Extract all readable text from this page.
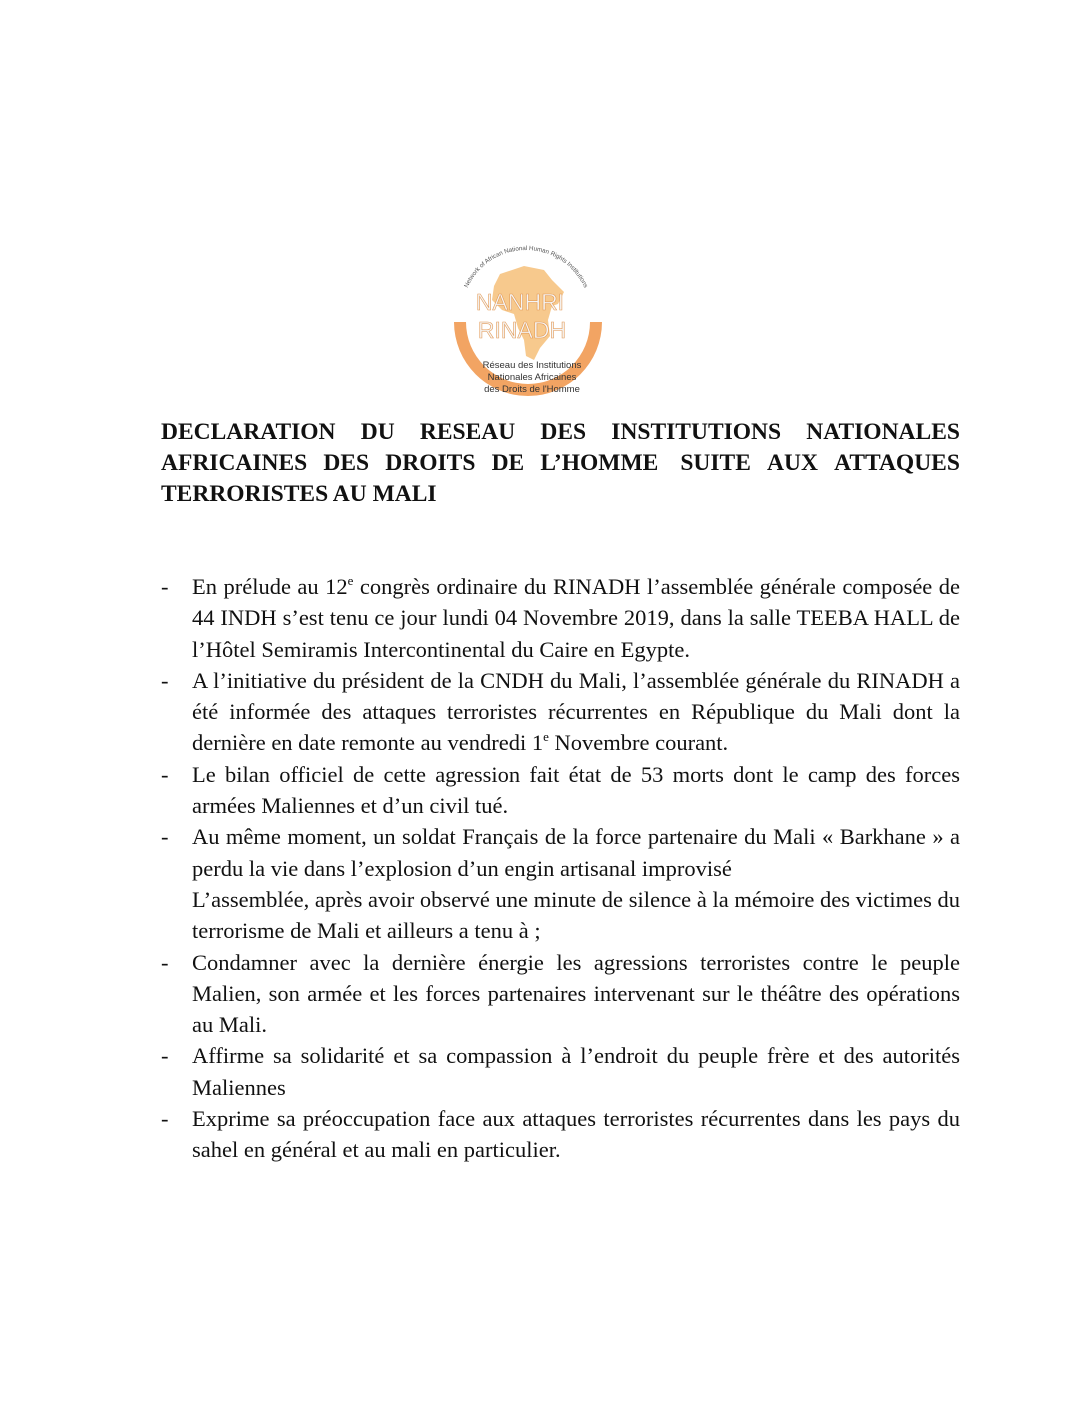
Network of African National Human Rights Institutions
NANHRI
RINADH
Réseau des Institutions
Nationales Africaines
des Droits de l'Homme
DECLARATION DU RESEAU DES INSTITUTIONS NATIONALES
AFRICAINES DES DROITS DE L’HOMME SUITE AUX ATTAQUES
TERRORISTES AU MALI
- En prélude au 12e congrès ordinaire du RINADH l’assemblée générale composée de 44 INDH s’est tenu ce jour lundi 04 Novembre 2019, dans la salle TEEBA HALL de l’Hôtel Semiramis Intercontinental du Caire en Egypte.
- A l’initiative du président de la CNDH du Mali, l’assemblée générale du RINADH a été informée des attaques terroristes récurrentes en République du Mali dont la dernière en date remonte au vendredi 1e Novembre courant.
- Le bilan officiel de cette agression fait état de 53 morts dont le camp des forces armées Maliennes et d’un civil tué.
- Au même moment, un soldat Français de la force partenaire du Mali « Barkhane » a perdu la vie dans l’explosion d’un engin artisanal improvisé
L’assemblée, après avoir observé une minute de silence à la mémoire des victimes du terrorisme de Mali et ailleurs a tenu à ;
- Condamner avec la dernière énergie les agressions terroristes contre le peuple Malien, son armée et les forces partenaires intervenant sur le théâtre des opérations au Mali.
- Affirme sa solidarité et sa compassion à l’endroit du peuple frère et des autorités Maliennes
- Exprime sa préoccupation face aux attaques terroristes récurrentes dans les pays du sahel en général et au mali en particulier.
